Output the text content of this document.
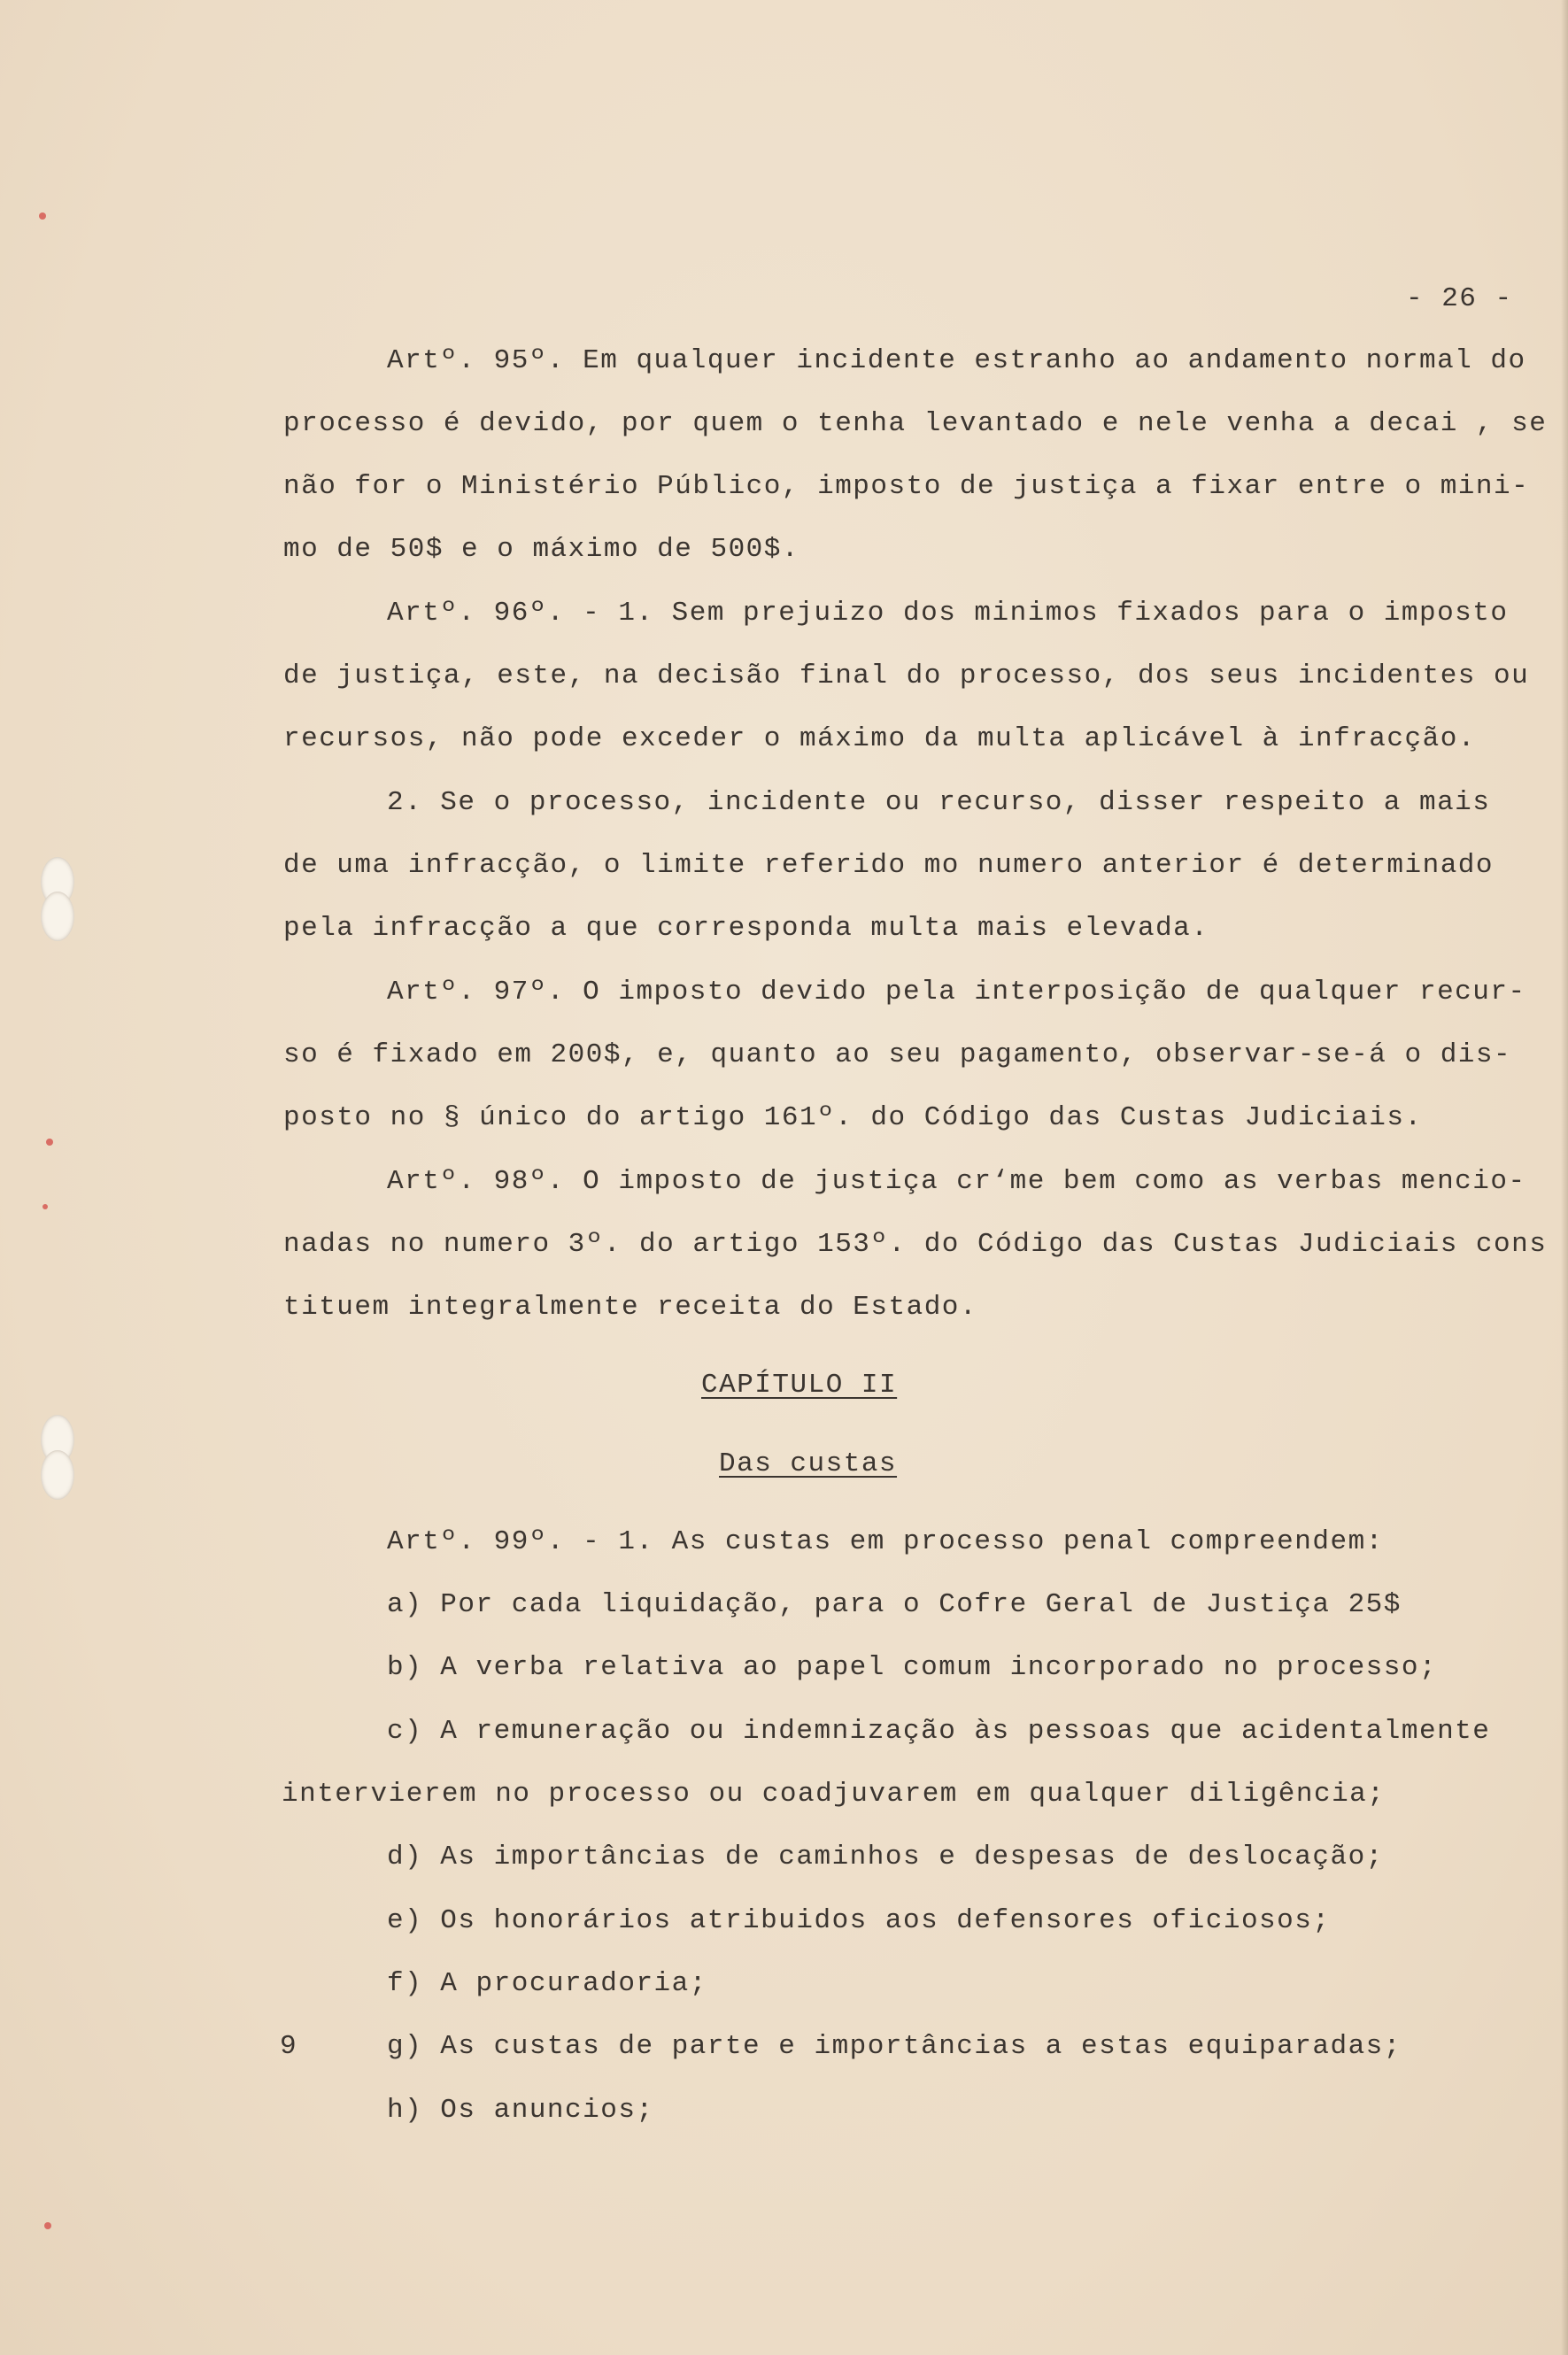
- 26 -
Artº. 95º. Em qualquer incidente estranho ao andamento normal do
processo é devido, por quem o tenha levantado e nele venha a decai , se
não for o Ministério Público, imposto de justiça a fixar entre o mini-
mo de 50$ e o máximo de 500$.
Artº. 96º. - 1. Sem prejuizo dos minimos fixados para o imposto
de justiça, este, na decisão final do processo, dos seus incidentes ou
recursos, não pode exceder o máximo da multa aplicável à infracção.
2. Se o processo, incidente ou recurso, disser respeito a mais
de uma infracção, o limite referido mo numero anterior é determinado
pela infracção a que corresponda multa mais elevada.
Artº. 97º. O imposto devido pela interposição de qualquer recur-
so é fixado em 200$, e, quanto ao seu pagamento, observar-se-á o dis-
posto no § único do artigo 161º. do Código das Custas Judiciais.
Artº. 98º. O imposto de justiça cr‘me bem como as verbas mencio-
nadas no numero 3º. do artigo 153º. do Código das Custas Judiciais cons
tituem integralmente receita do Estado.
CAPÍTULO II
Das custas
Artº. 99º. - 1. As custas em processo penal compreendem:
a) Por cada liquidação, para o Cofre Geral de Justiça 25$
b) A verba relativa ao papel comum incorporado no processo;
c) A remuneração ou indemnização às pessoas que acidentalmente
intervierem no processo ou coadjuvarem em qualquer diligência;
d) As importâncias de caminhos e despesas de deslocação;
e) Os honorários atribuidos aos defensores oficiosos;
f) A procuradoria;
9	g) As custas de parte e importâncias a estas equiparadas;
h) Os anuncios;
